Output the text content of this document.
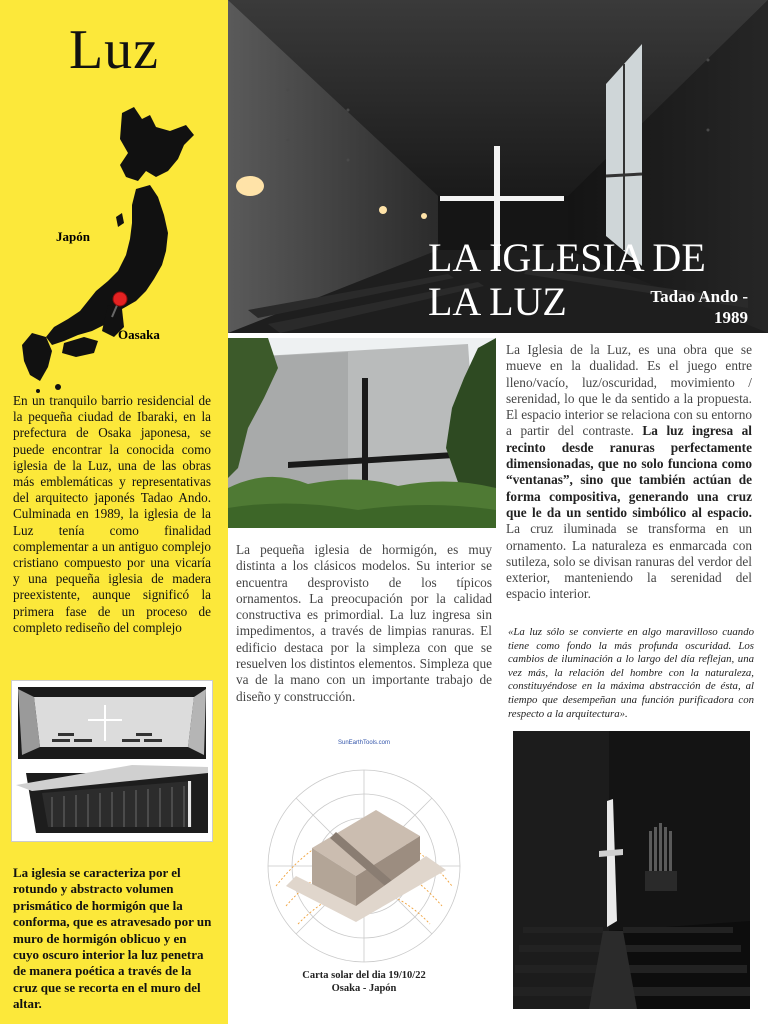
Luz
Japón
Oasaka

En un tranquilo barrio residencial de la pequeña ciudad de Ibaraki, en la prefectura de Osaka japonesa, se puede encontrar la conocida como iglesia de la Luz, una de las obras más emblemáticas y representativas del arquitecto japonés Tadao Ando. Culminada en 1989, la iglesia de la Luz tenía como finalidad complementar a un antiguo complejo cristiano compuesto por una vicaría y una pequeña iglesia de madera preexistente, aunque significó la primera fase de un proceso de completo rediseño del complejo

La iglesia se caracteriza por el rotundo y abstracto volumen prismático de hormigón que la conforma, que es atravesado por un muro de hormigón oblicuo y en cuyo oscuro interior la luz penetra de manera poética a través de la cruz que se recorta en el muro del altar.

LA IGLESIA DE
LA LUZ	Tadao Ando -
1989

La pequeña iglesia de hormigón, es muy distinta a los clásicos modelos. Su interior se encuentra desprovisto de los típicos ornamentos. La preocupación por la calidad constructiva es primordial. La luz ingresa sin impedimentos, a través de limpias ranuras. El edificio destaca por la simpleza con que se resuelven los distintos elementos. Simpleza que va de la mano con un importante trabajo de diseño y construcción.

La Iglesia de la Luz, es una obra que se mueve en la dualidad. Es el juego entre lleno/vacío, luz/oscuridad, movimiento / serenidad, lo que le da sentido a la propuesta. El espacio interior se relaciona con su entorno a partir del contraste. La luz ingresa al recinto desde ranuras perfectamente dimensionadas, que no solo funciona como “ventanas”, sino que también actúan de forma compositiva, generando una cruz que le da un sentido simbólico al espacio. La cruz iluminada se transforma en un ornamento. La naturaleza es enmarcada con sutileza, solo se divisan ranuras del verdor del exterior, manteniendo la serenidad del espacio interior.

«La luz sólo se convierte en algo maravilloso cuando tiene como fondo la más profunda oscuridad. Los cambios de iluminación a lo largo del día reflejan, una vez más, la relación del hombre con la naturaleza, constituyéndose en la máxima abstracción de ésta, al tiempo que desempeñan una función purificadora con respecto a la arquitectura».

SunEarthTools.com

Carta solar del dia 19/10/22
Osaka - Japón
